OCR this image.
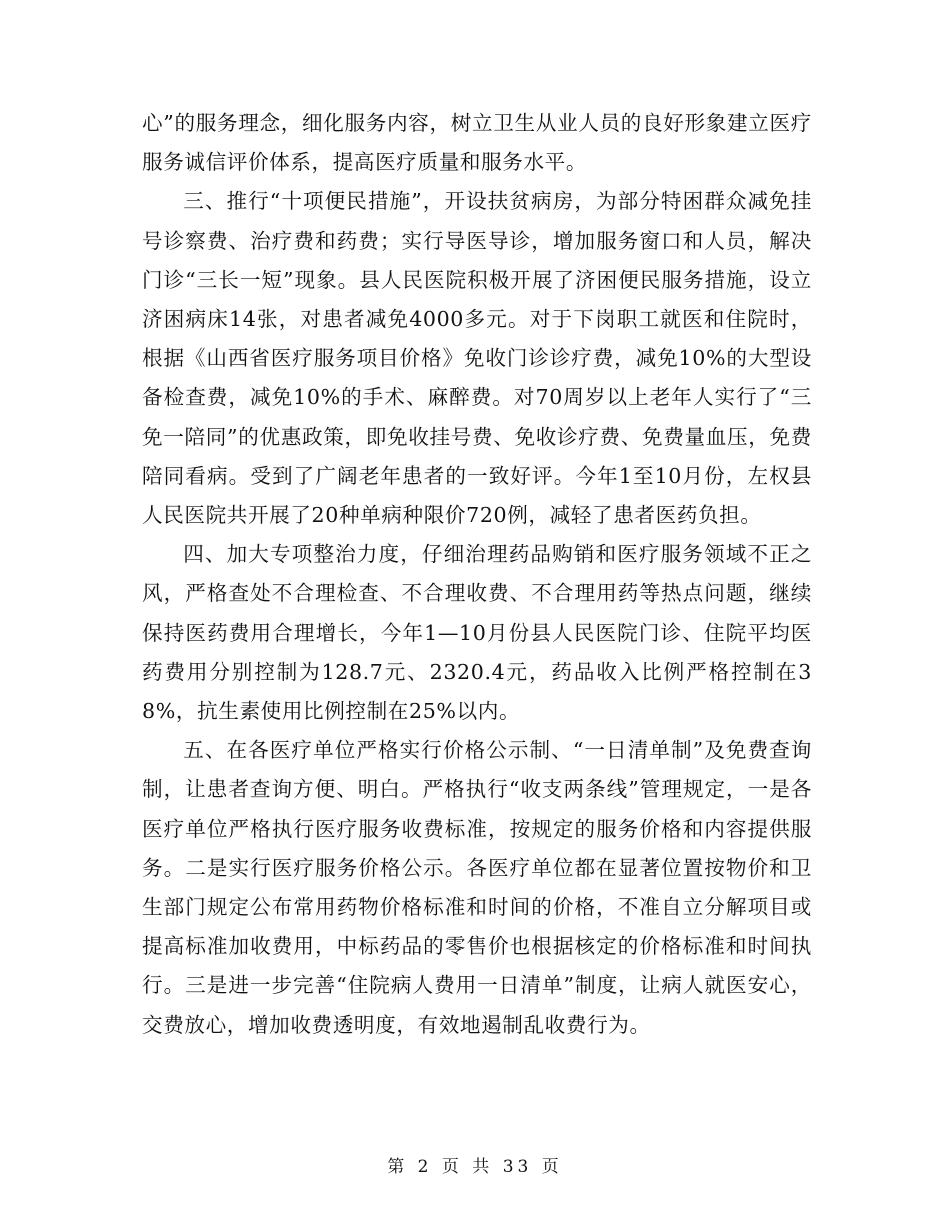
心”的服务理念，细化服务内容，树立卫生从业人员的良好形象建立医疗服务诚信评价体系，提高医疗质量和服务水平。

三、推行“十项便民措施”，开设扶贫病房，为部分特困群众减免挂号诊察费、治疗费和药费；实行导医导诊，增加服务窗口和人员，解决门诊“三长一短”现象。县人民医院积极开展了济困便民服务措施，设立济困病床14张，对患者减免4000多元。对于下岗职工就医和住院时，根据《山西省医疗服务项目价格》免收门诊诊疗费，减免10%的大型设备检查费，减免10%的手术、麻醉费。对70周岁以上老年人实行了“三免一陪同”的优惠政策，即免收挂号费、免收诊疗费、免费量血压，免费陪同看病。受到了广阔老年患者的一致好评。今年1至10月份，左权县人民医院共开展了20种单病种限价720例，减轻了患者医药负担。

四、加大专项整治力度，仔细治理药品购销和医疗服务领域不正之风，严格查处不合理检查、不合理收费、不合理用药等热点问题，继续保持医药费用合理增长，今年1—10月份县人民医院门诊、住院平均医药费用分别控制为128.7元、2320.4元，药品收入比例严格控制在38%，抗生素使用比例控制在25%以内。

五、在各医疗单位严格实行价格公示制、“一日清单制”及免费查询制，让患者查询方便、明白。严格执行“收支两条线”管理规定，一是各医疗单位严格执行医疗服务收费标准，按规定的服务价格和内容提供服务。二是实行医疗服务价格公示。各医疗单位都在显著位置按物价和卫生部门规定公布常用药物价格标准和时间的价格，不准自立分解项目或提高标准加收费用，中标药品的零售价也根据核定的价格标准和时间执行。三是进一步完善“住院病人费用一日清单”制度，让病人就医安心，交费放心，增加收费透明度，有效地遏制乱收费行为。

第 2 页 共 33 页
